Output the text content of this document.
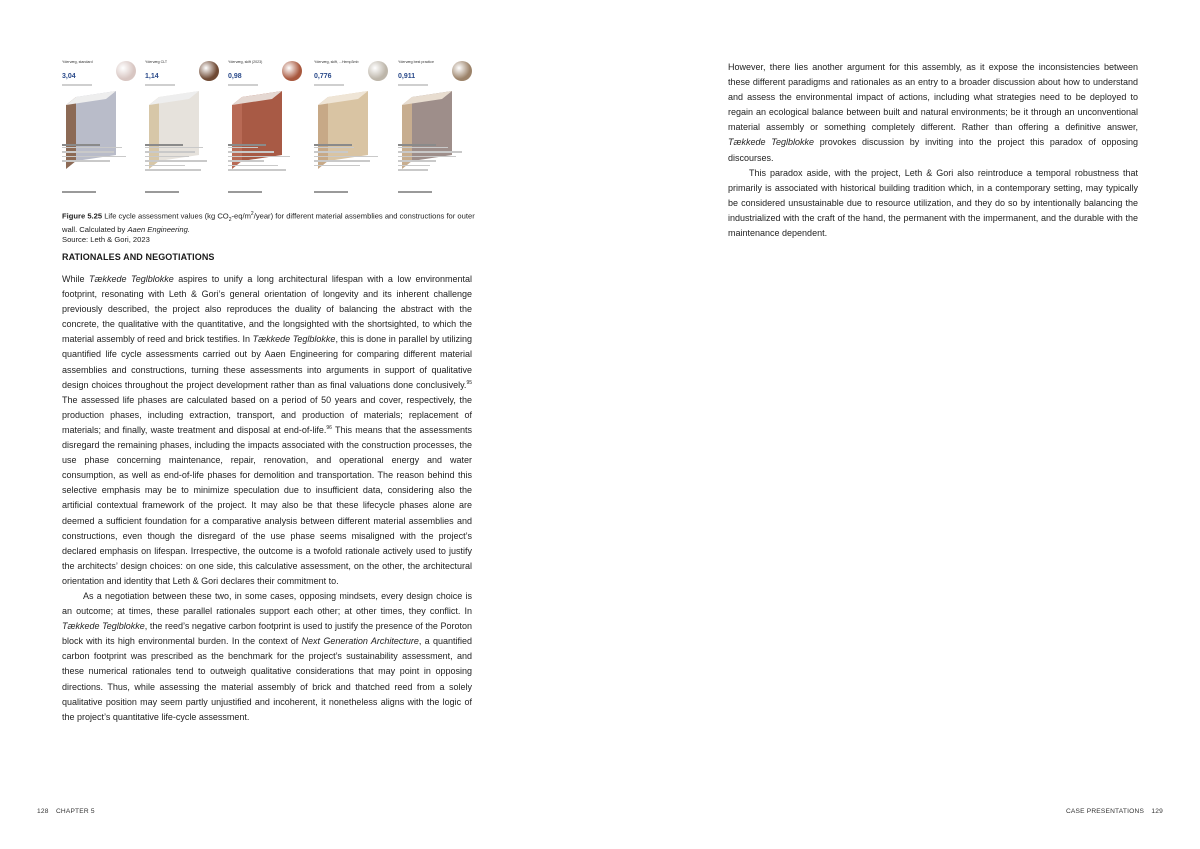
Ydervæg, standard
3,04
Ydervæg CLT
1,14
Ydervæg, skift (2023)
0,98
Ydervæg, skift, ...Hemp3mb
0,776
Ydervæg best practice
0,911
Figure 5.25 Life cycle assessment values (kg $CO_2-eq/m^2/year$) for different material assemblies and constructions for outer wall. Calculated by Aaen Engineering.
Source: Leth & Gori, 2023
RATIONALES AND NEGOTIATIONS

While Tækkede Teglblokke aspires to unify a long architectural lifespan with a low environmental footprint, resonating with Leth & Gori’s general orientation of longevity and its inherent challenge previously described, the project also reproduces the duality of balancing the abstract with the concrete, the qualitative with the quantitative, and the longsighted with the shortsighted, to which the material assembly of reed and brick testifies. In Tækkede Teglblokke, this is done in parallel by utilizing quantified life cycle assessments carried out by Aaen Engineering for comparing different material assemblies and constructions, turning these assessments into arguments in support of qualitative design choices throughout the project development rather than as final valuations done conclusively.$^{95}$ The assessed life phases are calculated based on a period of 50 years and cover, respectively, the production phases, including extraction, transport, and production of materials; replacement of materials; and finally, waste treatment and disposal at end-of-life.$^{96}$ This means that the assessments disregard the remaining phases, including the impacts associated with the construction processes, the use phase concerning maintenance, repair, renovation, and operational energy and water consumption, as well as end-of-life phases for demolition and transportation. The reason behind this selective emphasis may be to minimize speculation due to insufficient data, considering also the artificial contextual framework of the project. It may also be that these lifecycle phases alone are deemed a sufficient foundation for a comparative analysis between different material assemblies and constructions, even though the disregard of the use phase seems misaligned with the project’s declared emphasis on lifespan. Irrespective, the outcome is a twofold rationale actively used to justify the architects’ design choices: on one side, this calculative assessment, on the other, the architectural orientation and identity that Leth & Gori declares their commitment to.

As a negotiation between these two, in some cases, opposing mindsets, every design choice is an outcome; at times, these parallel rationales support each other; at other times, they conflict. In Tækkede Teglblokke, the reed’s negative carbon footprint is used to justify the presence of the Poroton block with its high environmental burden. In the context of Next Generation Architecture, a quantified carbon footprint was prescribed as the benchmark for the project’s sustainability assessment, and these numerical rationales tend to outweigh qualitative considerations that may point in opposing directions. Thus, while assessing the material assembly of brick and thatched reed from a solely qualitative position may seem partly unjustified and incoherent, it nonetheless aligns with the logic of the project’s quantitative life-cycle assessment.

128 CHAPTER 5

However, there lies another argument for this assembly, as it expose the inconsistencies between these different paradigms and rationales as an entry to a broader discussion about how to understand and assess the environmental impact of actions, including what strategies need to be deployed to regain an ecological balance between built and natural environments; be it through an unconventional material assembly or something completely different. Rather than offering a definitive answer, Tækkede Teglblokke provokes discussion by inviting into the project this paradox of opposing discourses.

This paradox aside, with the project, Leth & Gori also reintroduce a temporal robustness that primarily is associated with historical building tradition which, in a contemporary setting, may typically be considered unsustainable due to resource utilization, and they do so by intentionally balancing the industrialized with the craft of the hand, the permanent with the impermanent, and the durable with the maintenance dependent.

CASE PRESENTATIONS 129
